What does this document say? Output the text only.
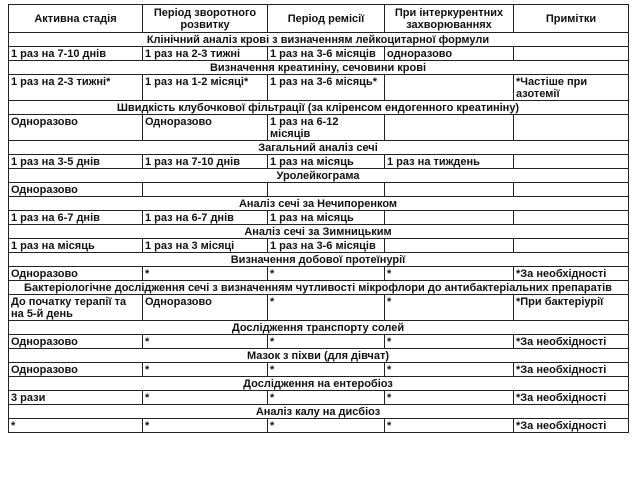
Активна стадія	Період зворотного розвитку	Період ремісії	При інтеркурентних захворюваннях	Примітки
Клінічний аналіз крові з визначенням лейкоцитарної формули				
1 раз на 7-10 днів	1 раз на 2-3 тижні	1 раз на 3-6 місяців	одноразово	
Визначення креатиніну, сечовини крові				
1 раз на 2-3 тижні*	1 раз на 1-2 місяці*	1 раз на 3-6 місяць*		*Частіше при азотемії
Швидкість клубочкової фільтрації (за кліренсом ендогенного креатиніну)				
Одноразово	Одноразово	1 раз на 6-12 місяців		
Загальний аналіз сечі				
1 раз на 3-5 днів	1 раз на 7-10 днів	1 раз на місяць	1 раз на тиждень	
Уролейкограма				
Одноразово				
Аналіз сечі за Нечипоренком				
1 раз на 6-7 днів	1 раз на 6-7 днів	1 раз на місяць		
Аналіз сечі за Зимницьким				
1 раз на місяць	1 раз на 3 місяці	1 раз на 3-6 місяців		
Визначення добової протеїнурії				
Одноразово	*	*	*	*За необхідності
Бактеріологічне дослідження сечі з визначенням чутливості мікрофлори до антибактеріальних препаратів				
До початку терапії та на 5-й день	Одноразово	*	*	*При бактеріурії
Дослідження транспорту солей				
Одноразово	*	*	*	*За необхідності
Мазок з піхви (для дівчат)				
Одноразово	*	*	*	*За необхідності
Дослідження на ентеробіоз				
3 рази	*	*	*	*За необхідності
Аналіз калу на дисбіоз				
*	*	*	*	*За необхідності
